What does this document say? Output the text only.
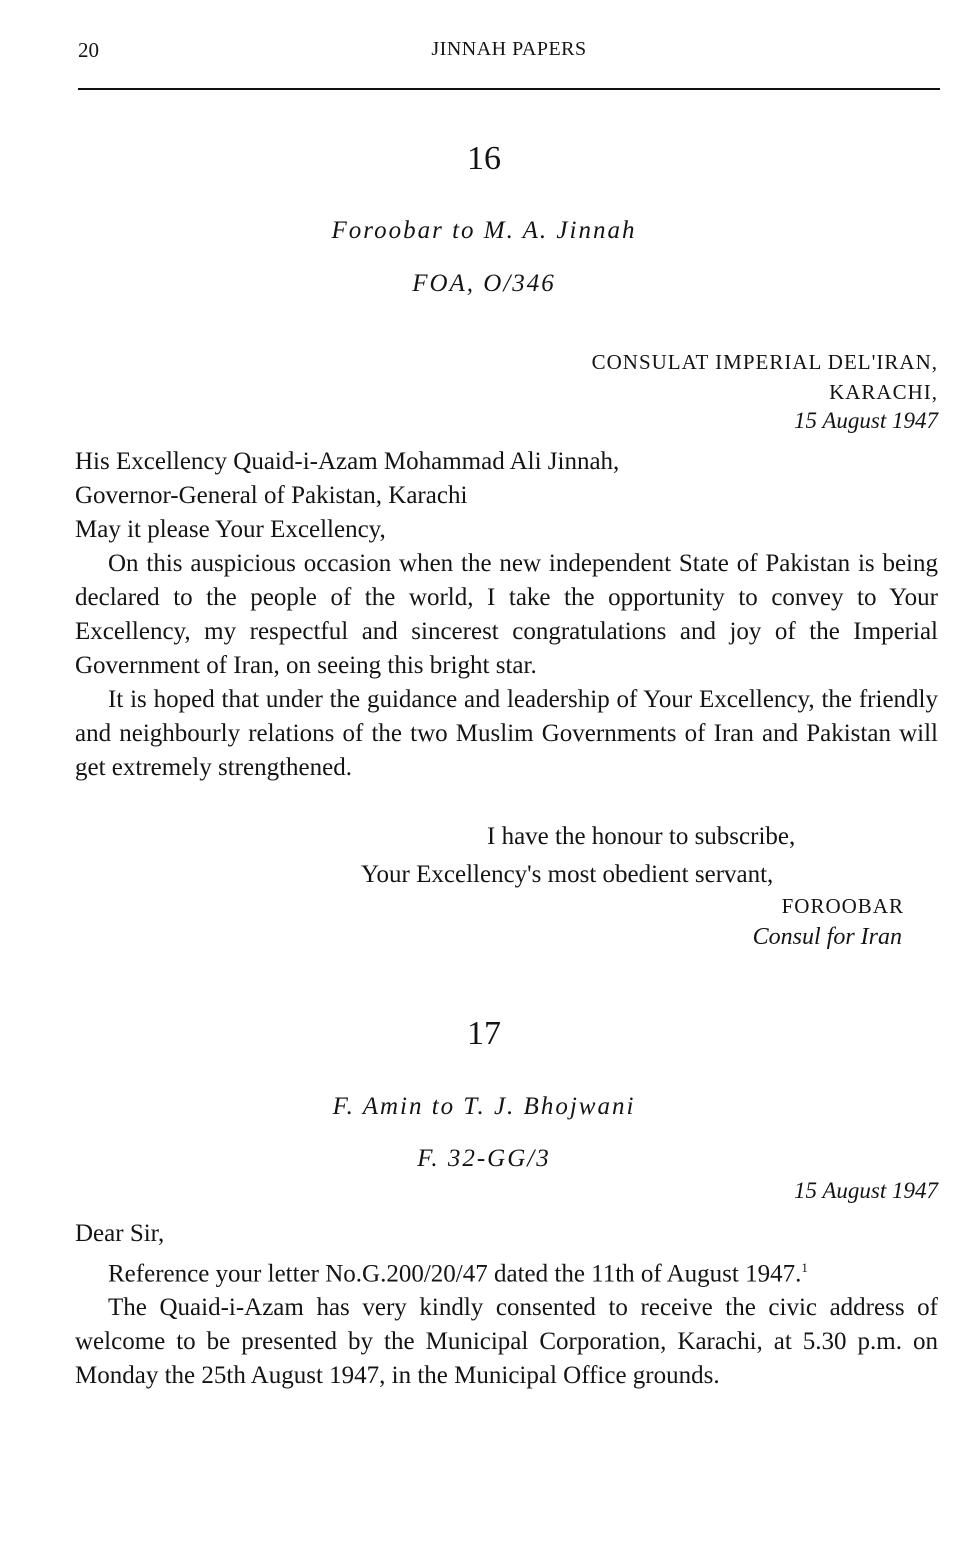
20	JINNAH PAPERS
16
Foroobar to M. A. Jinnah
FOA, O/346
CONSULAT IMPERIAL DEL'IRAN,
KARACHI,
15 August 1947

His Excellency Quaid-i-Azam Mohammad Ali Jinnah,

Governor-General of Pakistan, Karachi

May it please Your Excellency,

On this auspicious occasion when the new independent State of Pakistan is being declared to the people of the world, I take the opportunity to convey to Your Excellency, my respectful and sincerest congratulations and joy of the Imperial Government of Iran, on seeing this bright star.

It is hoped that under the guidance and leadership of Your Excellency, the friendly and neighbourly relations of the two Muslim Governments of Iran and Pakistan will get extremely strengthened.

I have the honour to subscribe,
Your Excellency's most obedient servant,
FOROOBAR
Consul for Iran
17
F. Amin to T. J. Bhojwani
F. 32-GG/3
15 August 1947

Dear Sir,

Reference your letter No.G.200/20/47 dated the 11th of August 1947.$^1$

The Quaid-i-Azam has very kindly consented to receive the civic address of welcome to be presented by the Municipal Corporation, Karachi, at 5.30 p.m. on Monday the 25th August 1947, in the Municipal Office grounds.
